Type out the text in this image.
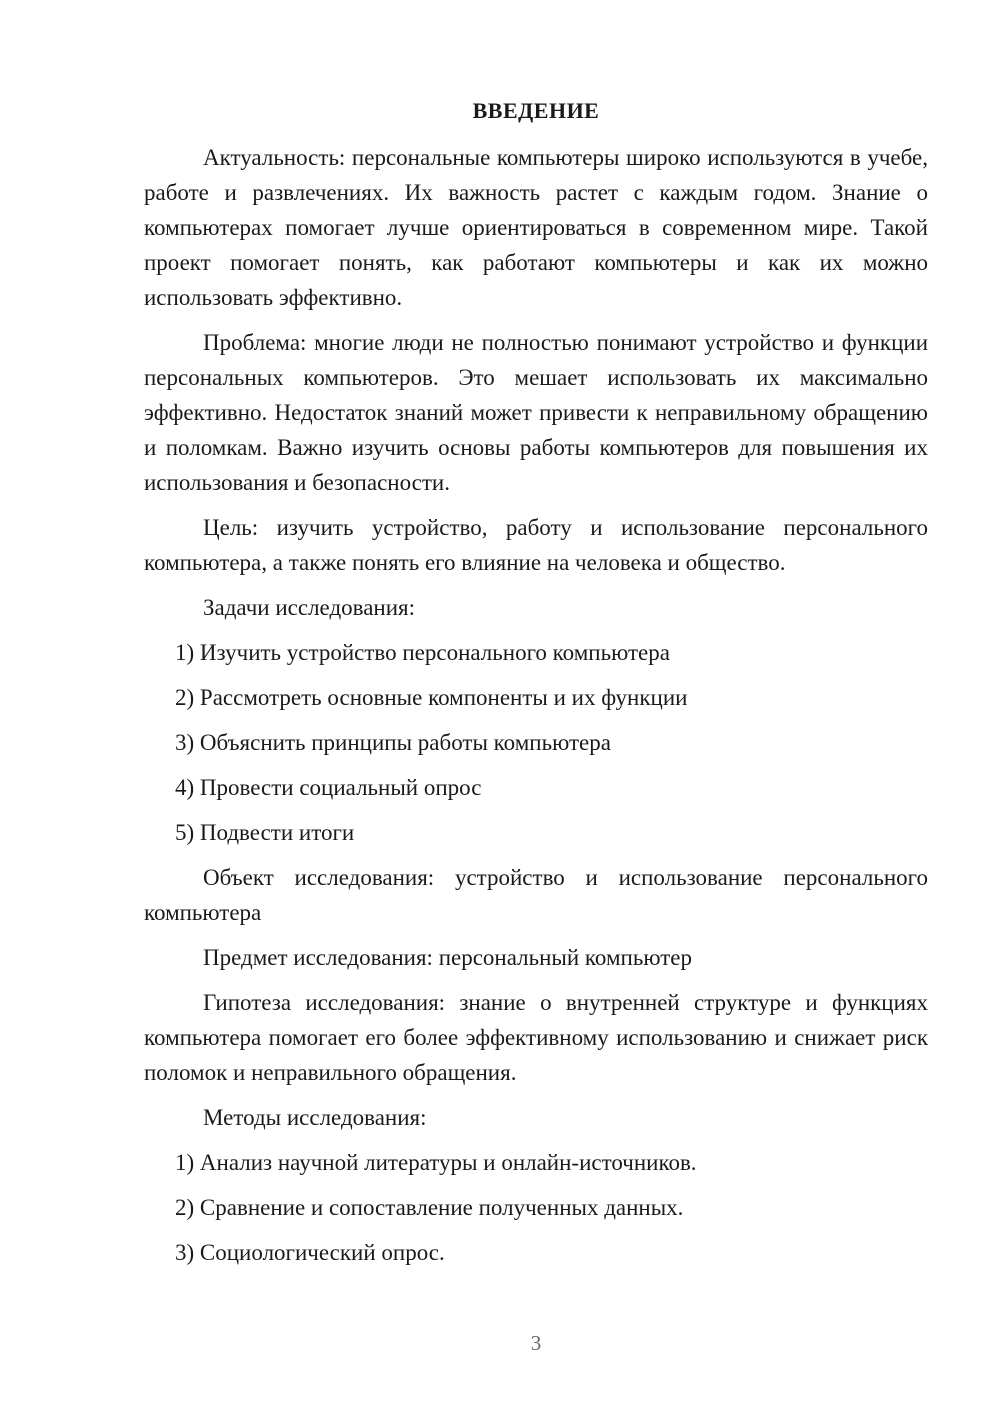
ВВЕДЕНИЕ

Актуальность: персональные компьютеры широко используются в учебе, работе и развлечениях. Их важность растет с каждым годом. Знание о компьютерах помогает лучше ориентироваться в современном мире. Такой проект помогает понять, как работают компьютеры и как их можно использовать эффективно.

Проблема: многие люди не полностью понимают устройство и функции персональных компьютеров. Это мешает использовать их максимально эффективно. Недостаток знаний может привести к неправильному обращению и поломкам. Важно изучить основы работы компьютеров для повышения их использования и безопасности.

Цель: изучить устройство, работу и использование персонального компьютера, а также понять его влияние на человека и общество.

Задачи исследования:
1) Изучить устройство персонального компьютера
2) Рассмотреть основные компоненты и их функции
3) Объяснить принципы работы компьютера
4) Провести социальный опрос
5) Подвести итоги

Объект исследования: устройство и использование персонального компьютера

Предмет исследования: персональный компьютер

Гипотеза исследования: знание о внутренней структуре и функциях компьютера помогает его более эффективному использованию и снижает риск поломок и неправильного обращения.

Методы исследования:
1) Анализ научной литературы и онлайн-источников.
2) Сравнение и сопоставление полученных данных.
3) Социологический опрос.
3
